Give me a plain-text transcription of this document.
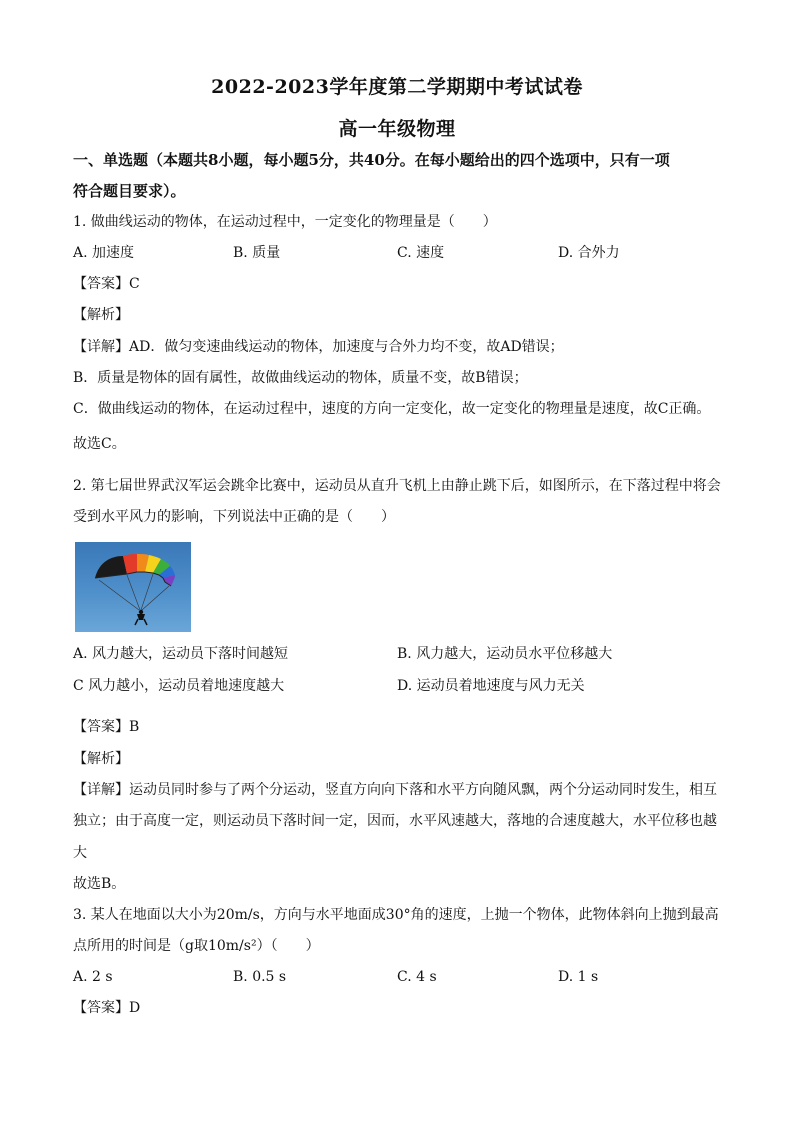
2022-2023学年度第二学期期中考试试卷
高一年级物理
一、单选题（本题共8小题，每小题5分，共40分。在每小题给出的四个选项中，只有一项
符合题目要求）。
1. 做曲线运动的物体，在运动过程中，一定变化的物理量是（　　）
A. 加速度	B. 质量	C. 速度	D. 合外力
【答案】C
【解析】
【详解】AD．做匀变速曲线运动的物体，加速度与合外力均不变，故AD错误；
B．质量是物体的固有属性，故做曲线运动的物体，质量不变，故B错误；
C．做曲线运动的物体，在运动过程中，速度的方向一定变化，故一定变化的物理量是速度，故C正确。
故选C。
2. 第七届世界武汉军运会跳伞比赛中，运动员从直升飞机上由静止跳下后，如图所示，在下落过程中将会
受到水平风力的影响，下列说法中正确的是（　　）
A. 风力越大，运动员下落时间越短	B. 风力越大，运动员水平位移越大
C 风力越小，运动员着地速度越大	D. 运动员着地速度与风力无关
【答案】B
【解析】
【详解】运动员同时参与了两个分运动，竖直方向向下落和水平方向随风飘，两个分运动同时发生，相互
独立；由于高度一定，则运动员下落时间一定，因而，水平风速越大，落地的合速度越大，水平位移也越
大
故选B。
3. 某人在地面以大小为20m/s，方向与水平地面成30°角的速度，上抛一个物体，此物体斜向上抛到最高
点所用的时间是（g取10m/s²）（　　）
A. 2 s	B. 0.5 s	C. 4 s	D. 1 s
【答案】D
